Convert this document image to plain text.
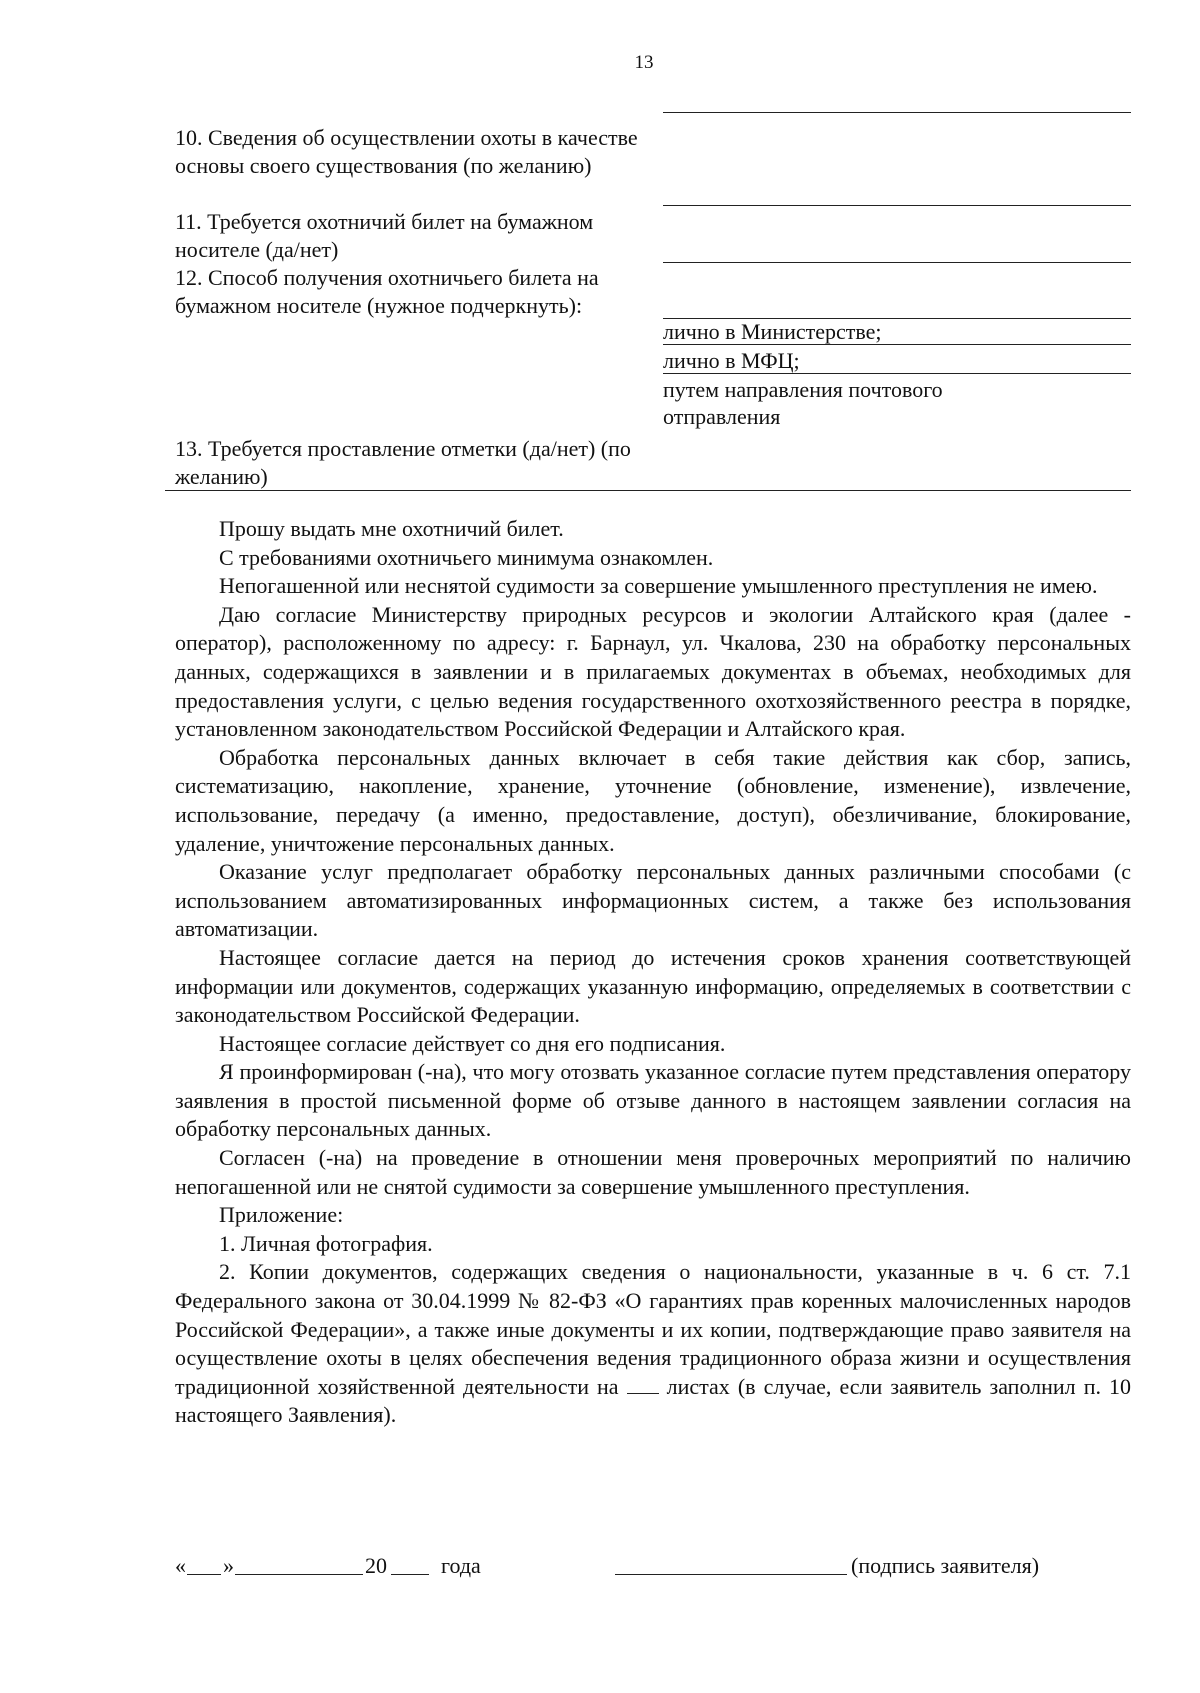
13
10. Сведения об осуществлении охоты в качестве основы своего существования (по желанию)
11. Требуется охотничий билет на бумажном носителе (да/нет)
12. Способ получения охотничьего билета на бумажном носителе (нужное подчеркнуть):
13. Требуется проставление отметки (да/нет) (по желанию)
лично в Министерстве;
лично в МФЦ;
путем направления почтового отправления

Прошу выдать мне охотничий билет.

С требованиями охотничьего минимума ознакомлен.

Непогашенной или неснятой судимости за совершение умышленного преступления не имею.

Даю согласие Министерству природных ресурсов и экологии Алтайского края (далее - оператор), расположенному по адресу: г. Барнаул, ул. Чкалова, 230 на обработку персональных данных, содержащихся в заявлении и в прилагаемых документах в объемах, необходимых для предоставления услуги, с целью ведения государственного охотхозяйственного реестра в порядке, установленном законодательством Российской Федерации и Алтайского края.

Обработка персональных данных включает в себя такие действия как сбор, запись, систематизацию, накопление, хранение, уточнение (обновление, изменение), извлечение, использование, передачу (а именно, предоставление, доступ), обезличивание, блокирование, удаление, уничтожение персональных данных.

Оказание услуг предполагает обработку персональных данных различными способами (с использованием автоматизированных информационных систем, а также без использования автоматизации.

Настоящее согласие дается на период до истечения сроков хранения соответствующей информации или документов, содержащих указанную информацию, определяемых в соответствии с законодательством Российской Федерации.

Настоящее согласие действует со дня его подписания.

Я проинформирован (-на), что могу отозвать указанное согласие путем представления оператору заявления в простой письменной форме об отзыве данного в настоящем заявлении согласия на обработку персональных данных.

Согласен (-на) на проведение в отношении меня проверочных мероприятий по наличию непогашенной или не снятой судимости за совершение умышленного преступления.

Приложение:

1. Личная фотография.

2. Копии документов, содержащих сведения о национальности, указанные в ч. 6 ст. 7.1 Федерального закона от 30.04.1999 № 82-ФЗ «О гарантиях прав коренных малочисленных народов Российской Федерации», а также иные документы и их копии, подтверждающие право заявителя на осуществление охоты в целях обеспечения ведения традиционного образа жизни и осуществления традиционной хозяйственной деятельности на листах (в случае, если заявитель заполнил п. 10 настоящего Заявления).

« »	20 года	(подпись заявителя)
